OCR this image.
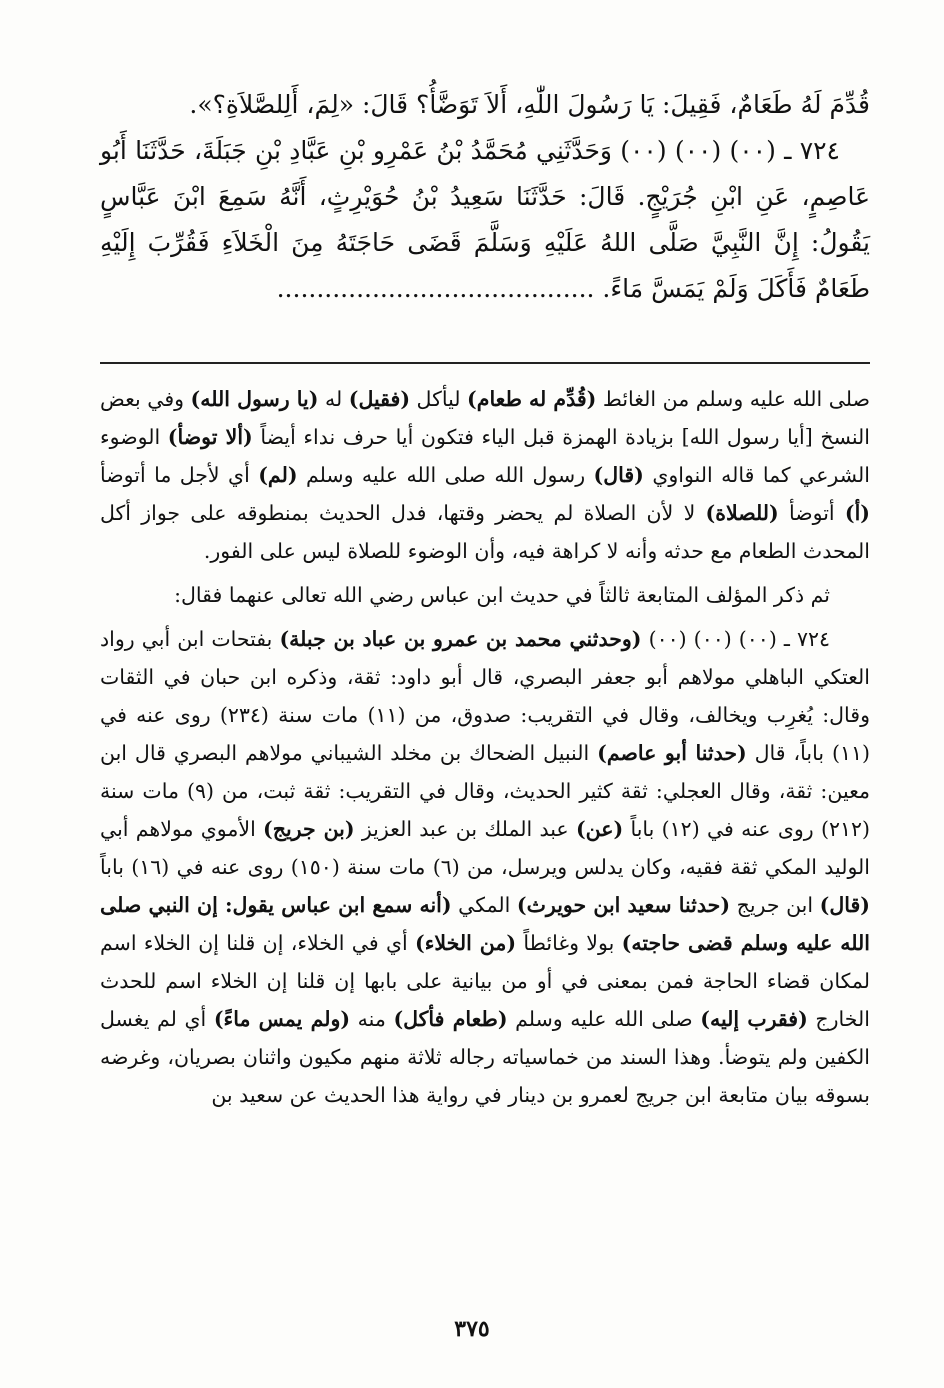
قُدِّمَ لَهُ طَعَامٌ، فَقِيلَ: يَا رَسُولَ اللّٰهِ، أَلاَ تَوَضَّأُ؟ قَالَ: «لِمَ، أَلِلصَّلاَةِ؟».

٧٢٤ ـ (٠٠) (٠٠) (٠٠) وَحَدَّثَنِي مُحَمَّدُ بْنُ عَمْرِو بْنِ عَبَّادِ بْنِ جَبَلَةَ، حَدَّثَنَا أَبُو عَاصِمٍ، عَنِ ابْنِ جُرَيْجٍ. قَالَ: حَدَّثَنَا سَعِيدُ بْنُ حُوَيْرِثٍ، أَنَّهُ سَمِعَ ابْنَ عَبَّاسٍ يَقُولُ: إِنَّ النَّبِيَّ صَلَّى اللهُ عَلَيْهِ وَسَلَّمَ قَضَى حَاجَتَهُ مِنَ الْخَلاَءِ فَقُرِّبَ إِلَيْهِ طَعَامٌ فَأَكَلَ وَلَمْ يَمَسَّ مَاءً. ........................................

صلى الله عليه وسلم من الغائط (قُدِّم له طعام) ليأكل (فقيل) له (يا رسول الله) وفي بعض النسخ [أيا رسول الله] بزيادة الهمزة قبل الياء فتكون أيا حرف نداء أيضاً (ألا توضأ) الوضوء الشرعي كما قاله النواوي (قال) رسول الله صلى الله عليه وسلم (لم) أي لأجل ما أتوضأ (أ) أتوضأ (للصلاة) لا لأن الصلاة لم يحضر وقتها، فدل الحديث بمنطوقه على جواز أكل المحدث الطعام مع حدثه وأنه لا كراهة فيه، وأن الوضوء للصلاة ليس على الفور.

ثم ذكر المؤلف المتابعة ثالثاً في حديث ابن عباس رضي الله تعالى عنهما فقال:

٧٢٤ ـ (٠٠) (٠٠) (٠٠) (وحدثني محمد بن عمرو بن عباد بن جبلة) بفتحات ابن أبي رواد العتكي الباهلي مولاهم أبو جعفر البصري، قال أبو داود: ثقة، وذكره ابن حبان في الثقات وقال: يُغرِب ويخالف، وقال في التقريب: صدوق، من (١١) مات سنة (٢٣٤) روى عنه في (١١) باباً، قال (حدثنا أبو عاصم) النبيل الضحاك بن مخلد الشيباني مولاهم البصري قال ابن معين: ثقة، وقال العجلي: ثقة كثير الحديث، وقال في التقريب: ثقة ثبت، من (٩) مات سنة (٢١٢) روى عنه في (١٢) باباً (عن) عبد الملك بن عبد العزيز (بن جريج) الأموي مولاهم أبي الوليد المكي ثقة فقيه، وكان يدلس ويرسل، من (٦) مات سنة (١٥٠) روى عنه في (١٦) باباً (قال) ابن جريج (حدثنا سعيد ابن حويرث) المكي (أنه سمع ابن عباس يقول: إن النبي صلى الله عليه وسلم قضى حاجته) بولا وغائطاً (من الخلاء) أي في الخلاء، إن قلنا إن الخلاء اسم لمكان قضاء الحاجة فمن بمعنى في أو من بيانية على بابها إن قلنا إن الخلاء اسم للحدث الخارج (فقرب إليه) صلى الله عليه وسلم (طعام فأكل) منه (ولم يمس ماءً) أي لم يغسل الكفين ولم يتوضأ. وهذا السند من خماسياته رجاله ثلاثة منهم مكيون واثنان بصريان، وغرضه بسوقه بيان متابعة ابن جريج لعمرو بن دينار في رواية هذا الحديث عن سعيد بن

٣٧٥
